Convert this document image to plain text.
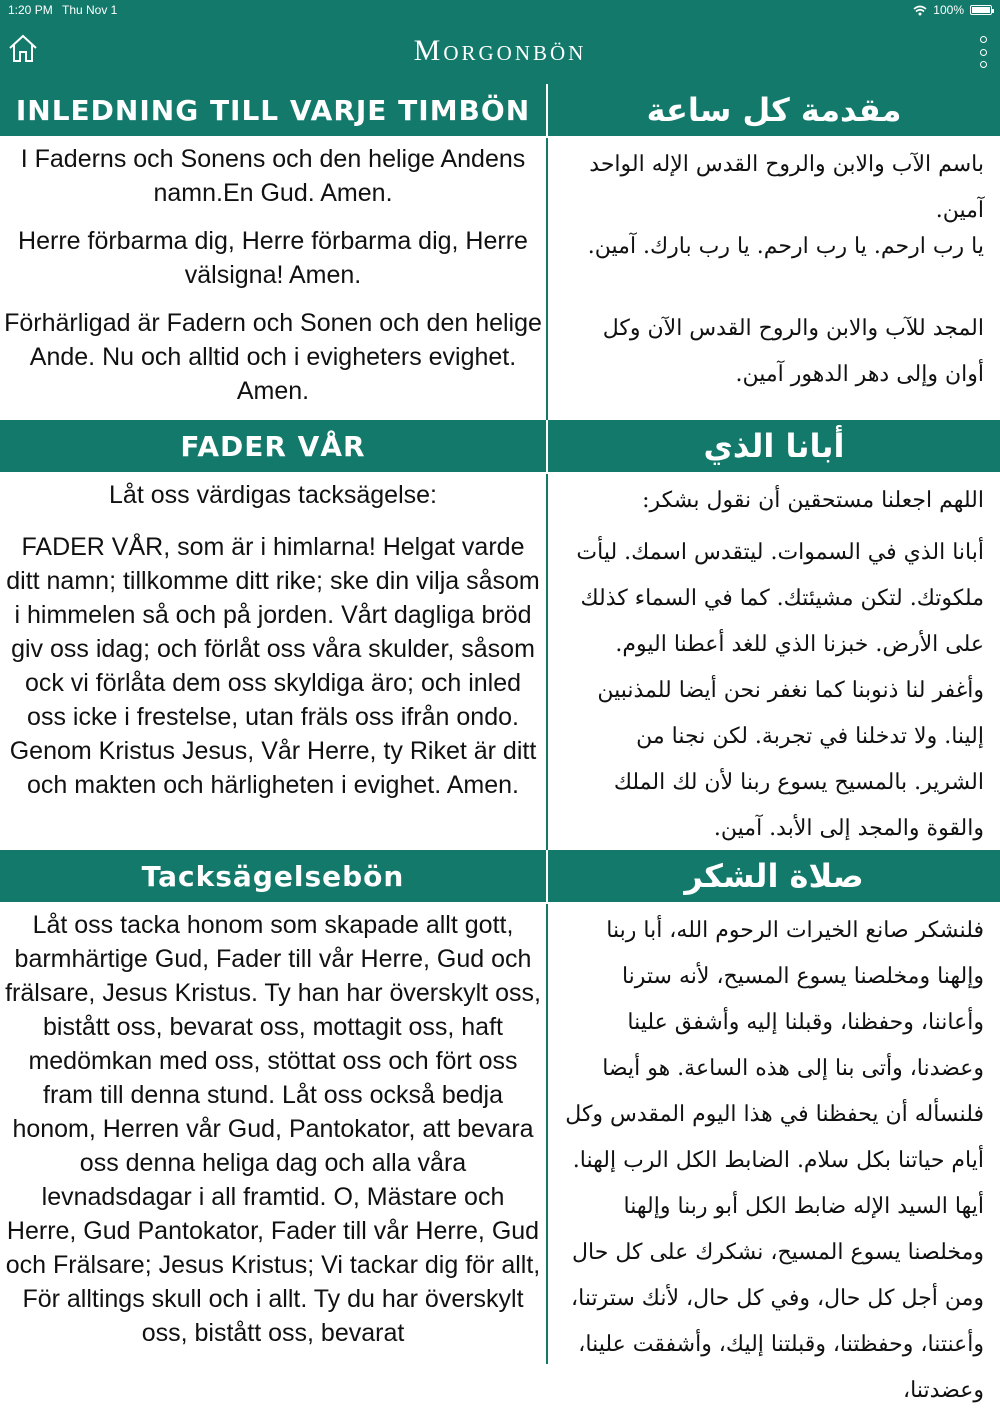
1:20 PM Thu Nov 1	100%
Morgonbön
INLEDNING TILL VARJE TIMBÖN	مقدمة كل ساعة
I Faderns och Sonens och den helige Andens namn.En Gud. Amen.
باسم الآب والابن والروح القدس الإله الواحد آمين.
Herre förbarma dig, Herre förbarma dig, Herre välsigna! Amen.
يا رب ارحم. يا رب ارحم. يا رب بارك. آمين.
Förhärligad är Fadern och Sonen och den helige Ande. Nu och alltid och i evigheters evighet. Amen.
المجد للآب والابن والروح القدس الآن وكل أوان وإلى دهر الدهور آمين.
FADER VÅR	أبانا الذي
Låt oss värdigas tacksägelse:	اللهم اجعلنا مستحقين أن نقول بشكر:
FADER VÅR, som är i himlarna! Helgat varde ditt namn; tillkomme ditt rike; ske din vilja såsom i himmelen så och på jorden. Vårt dagliga bröd giv oss idag; och förlåt oss våra skulder, såsom ock vi förlåta dem oss skyldiga äro; och inled oss icke i frestelse, utan fräls oss ifrån ondo. Genom Kristus Jesus, Vår Herre, ty Riket är ditt och makten och härligheten i evighet. Amen.
أبانا الذي في السموات. ليتقدس اسمك. ليأت ملكوتك. لتكن مشيئتك. كما في السماء كذلك على الأرض. خبزنا الذي للغد أعطنا اليوم. وأغفر لنا ذنوبنا كما نغفر نحن أيضا للمذنبين إلينا. ولا تدخلنا في تجربة. لكن نجنا من الشرير. بالمسيح يسوع ربنا لأن لك الملك والقوة والمجد إلى الأبد. آمين.
Tacksägelsebön	صلاة الشكر
Låt oss tacka honom som skapade allt gott, barmhärtige Gud, Fader till vår Herre, Gud och frälsare, Jesus Kristus. Ty han har överskylt oss, bistått oss, bevarat oss, mottagit oss, haft medömkan med oss, stöttat oss och fört oss fram till denna stund. Låt oss också bedja honom, Herren vår Gud, Pantokator, att bevara oss denna heliga dag och alla våra levnadsdagar i all framtid. O, Mästare och Herre, Gud Pantokator, Fader till vår Herre, Gud och Frälsare; Jesus Kristus; Vi tackar dig för allt, För alltings skull och i allt. Ty du har överskylt oss, bistått oss, bevarat
فلنشكر صانع الخيرات الرحوم الله، أبا ربنا وإلهنا ومخلصنا يسوع المسيح، لأنه سترنا وأعاننا، وحفظنا، وقبلنا إليه وأشفق علينا وعضدنا، وأتى بنا إلى هذه الساعة. هو أيضا فلنسأله أن يحفظنا في هذا اليوم المقدس وكل أيام حياتنا بكل سلام. الضابط الكل الرب إلهنا. أيها السيد الإله ضابط الكل أبو ربنا وإلهنا ومخلصنا يسوع المسيح، نشكرك على كل حال ومن أجل كل حال، وفي كل حال، لأنك سترتنا، وأعنتنا، وحفظتنا، وقبلتنا إليك، وأشفقت علينا، وعضدتنا،
